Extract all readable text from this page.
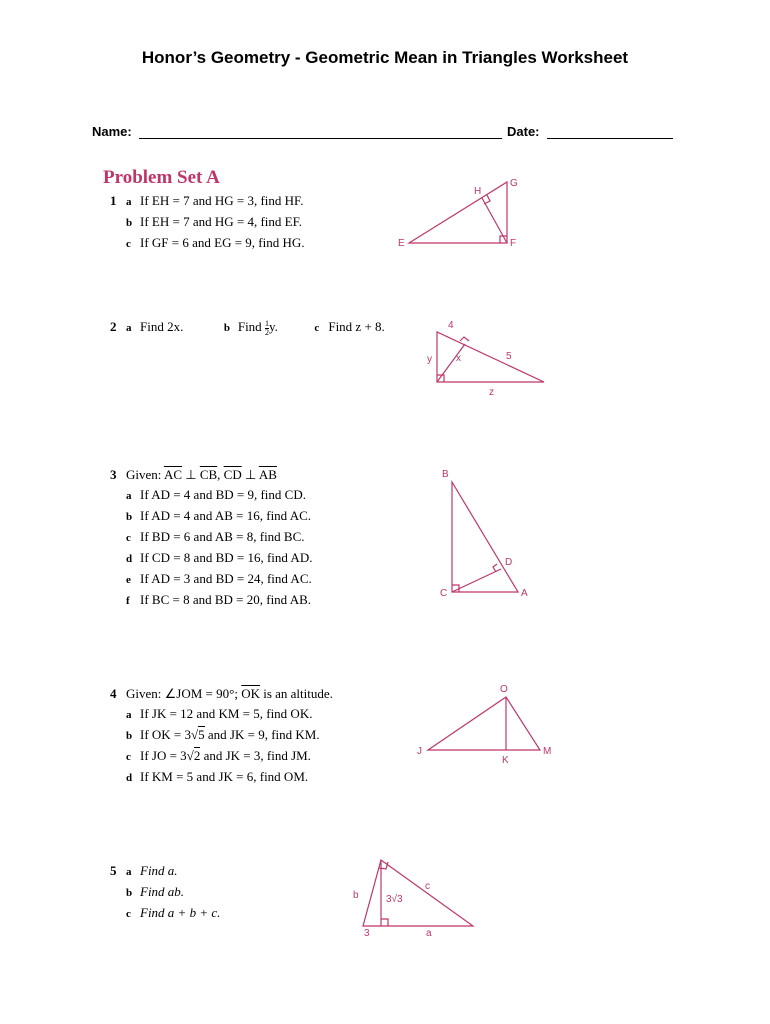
Honor’s Geometry - Geometric Mean in Triangles Worksheet
Name:	Date:
Problem Set A
1 a If EH = 7 and HG = 3, find HF.
b If EH = 7 and HG = 4, find EF.
c If GF = 6 and EG = 9, find HG.	E	F
G
H
2 a Find 2x.	b Find $\frac{1}{2} y$.	c Find z + 8.	4
5
x
y
z
3 Given: $\overline{AC}$ ⊥ $\overline{CB}$, $\overline{CD}$ ⊥ $\overline{AB}$
a If AD = 4 and BD = 9, find CD.
b If AD = 4 and AB = 16, find AC.
c If BD = 6 and AB = 8, find BC.
d If CD = 8 and BD = 16, find AD.
e If AD = 3 and BD = 24, find AC.
f If BC = 8 and BD = 20, find AB.
B
C	A
D
4 Given: ∠JOM = 90°; $\overline{OK}$ is an altitude.
a If JK = 12 and KM = 5, find OK.
b If OK = 3√5 and JK = 9, find KM.
c If JO = 3√2 and JK = 3, find JM.
d If KM = 5 and JK = 6, find OM.
J
O
M
K
5 a Find a.
b Find ab.
c Find a + b + c.
b
c
3√3
3	a
